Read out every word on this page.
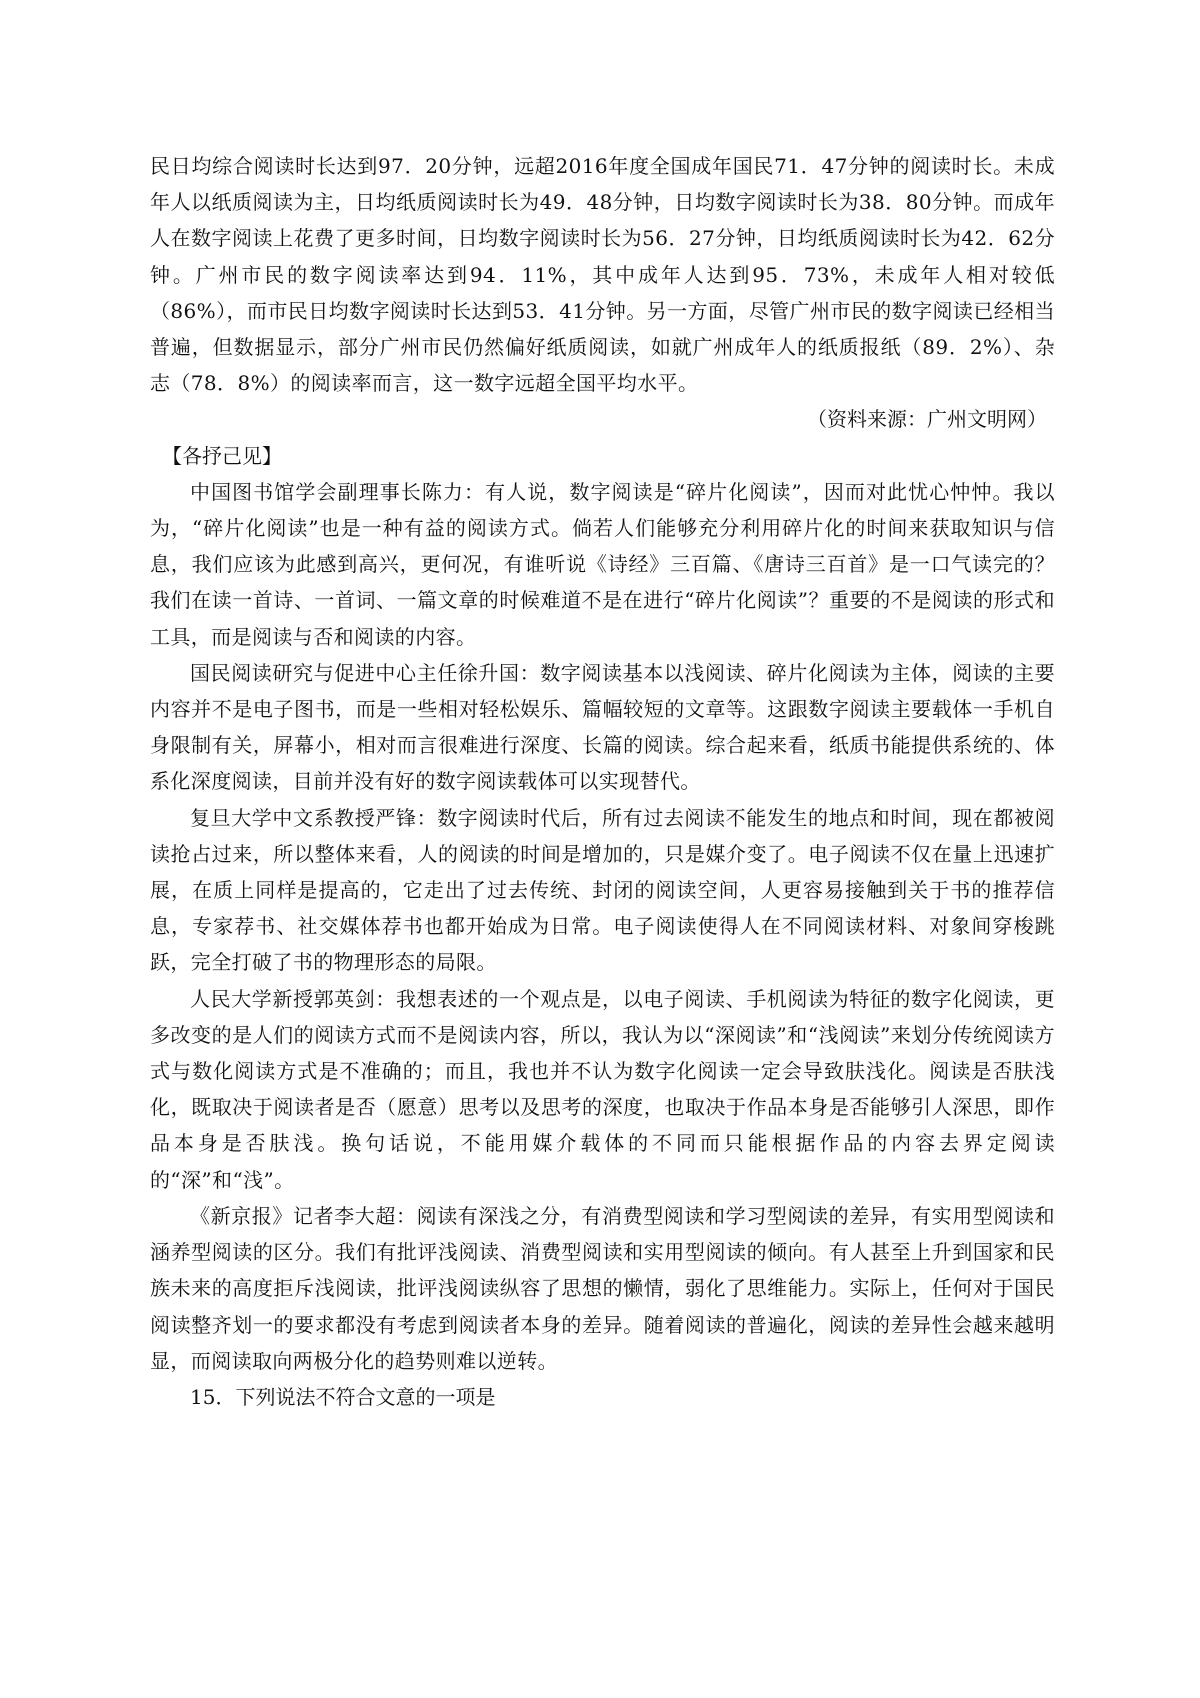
民日均综合阅读时长达到97．20分钟，远超2016年度全国成年国民71．47分钟的阅读时长。未成年人以纸质阅读为主，日均纸质阅读时长为49．48分钟，日均数字阅读时长为38．80分钟。而成年人在数字阅读上花费了更多时间，日均数字阅读时长为56．27分钟，日均纸质阅读时长为42．62分钟。广州市民的数字阅读率达到94．11%，其中成年人达到95．73%，未成年人相对较低（86%），而市民日均数字阅读时长达到53．41分钟。另一方面，尽管广州市民的数字阅读已经相当普遍，但数据显示，部分广州市民仍然偏好纸质阅读，如就广州成年人的纸质报纸（89．2%）、杂志（78．8%）的阅读率而言，这一数字远超全国平均水平。

（资料来源：广州文明网）

【各抒己见】

中国图书馆学会副理事长陈力：有人说，数字阅读是“碎片化阅读”，因而对此忧心忡忡。我以为，“碎片化阅读”也是一种有益的阅读方式。倘若人们能够充分利用碎片化的时间来获取知识与信息，我们应该为此感到高兴，更何况，有谁听说《诗经》三百篇、《唐诗三百首》是一口气读完的？我们在读一首诗、一首词、一篇文章的时候难道不是在进行“碎片化阅读”？重要的不是阅读的形式和工具，而是阅读与否和阅读的内容。

国民阅读研究与促进中心主任徐升国：数字阅读基本以浅阅读、碎片化阅读为主体，阅读的主要内容并不是电子图书，而是一些相对轻松娱乐、篇幅较短的文章等。这跟数字阅读主要载体一手机自身限制有关，屏幕小，相对而言很难进行深度、长篇的阅读。综合起来看，纸质书能提供系统的、体系化深度阅读，目前并没有好的数字阅读载体可以实现替代。

复旦大学中文系教授严锋：数字阅读时代后，所有过去阅读不能发生的地点和时间，现在都被阅读抢占过来，所以整体来看，人的阅读的时间是增加的，只是媒介变了。电子阅读不仅在量上迅速扩展，在质上同样是提高的，它走出了过去传统、封闭的阅读空间，人更容易接触到关于书的推荐信息，专家荐书、社交媒体荐书也都开始成为日常。电子阅读使得人在不同阅读材料、对象间穿梭跳跃，完全打破了书的物理形态的局限。

人民大学新授郭英剑：我想表述的一个观点是，以电子阅读、手机阅读为特征的数字化阅读，更多改变的是人们的阅读方式而不是阅读内容，所以，我认为以“深阅读”和“浅阅读”来划分传统阅读方式与数化阅读方式是不准确的；而且，我也并不认为数字化阅读一定会导致肤浅化。阅读是否肤浅化，既取决于阅读者是否（愿意）思考以及思考的深度，也取决于作品本身是否能够引人深思，即作品本身是否肤浅。换句话说，不能用媒介载体的不同而只能根据作品的内容去界定阅读的“深”和“浅”。

《新京报》记者李大超：阅读有深浅之分，有消费型阅读和学习型阅读的差异，有实用型阅读和涵养型阅读的区分。我们有批评浅阅读、消费型阅读和实用型阅读的倾向。有人甚至上升到国家和民族未来的高度拒斥浅阅读，批评浅阅读纵容了思想的懒情，弱化了思维能力。实际上，任何对于国民阅读整齐划一的要求都没有考虑到阅读者本身的差异。随着阅读的普遍化，阅读的差异性会越来越明显，而阅读取向两极分化的趋势则难以逆转。

15．下列说法不符合文意的一项是
